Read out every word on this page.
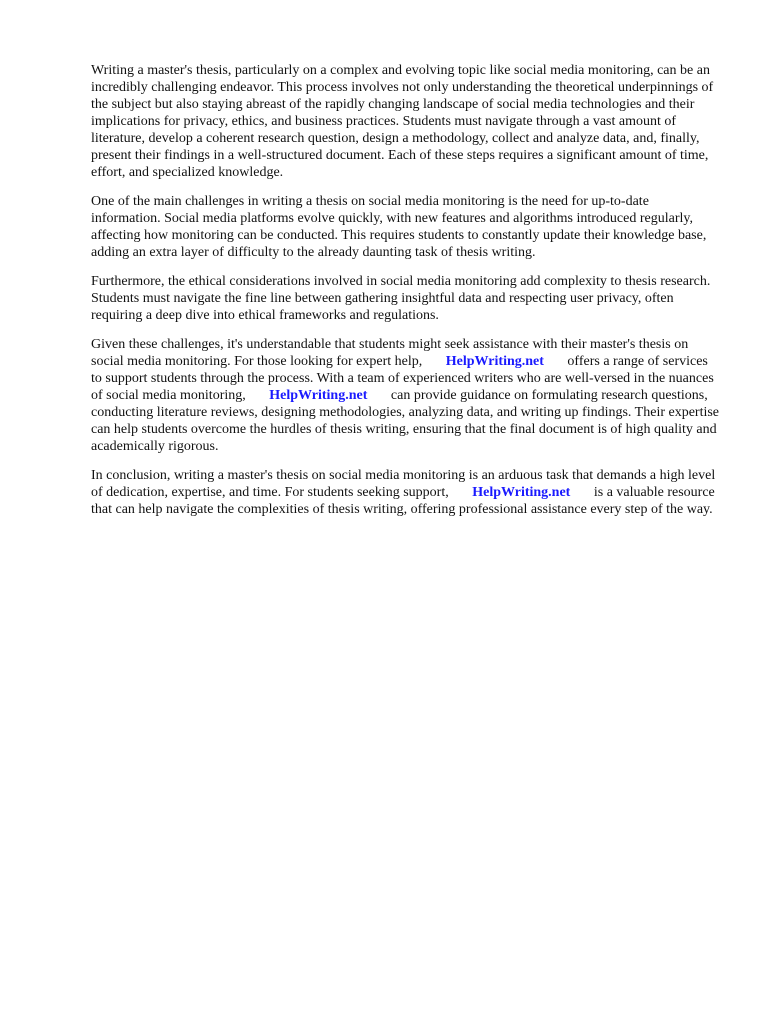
Writing a master's thesis, particularly on a complex and evolving topic like social media monitoring, can be an incredibly challenging endeavor. This process involves not only understanding the theoretical underpinnings of the subject but also staying abreast of the rapidly changing landscape of social media technologies and their implications for privacy, ethics, and business practices. Students must navigate through a vast amount of literature, develop a coherent research question, design a methodology, collect and analyze data, and, finally, present their findings in a well-structured document. Each of these steps requires a significant amount of time, effort, and specialized knowledge.

One of the main challenges in writing a thesis on social media monitoring is the need for up-to-date information. Social media platforms evolve quickly, with new features and algorithms introduced regularly, affecting how monitoring can be conducted. This requires students to constantly update their knowledge base, adding an extra layer of difficulty to the already daunting task of thesis writing.

Furthermore, the ethical considerations involved in social media monitoring add complexity to thesis research. Students must navigate the fine line between gathering insightful data and respecting user privacy, often requiring a deep dive into ethical frameworks and regulations.

Given these challenges, it's understandable that students might seek assistance with their master's thesis on social media monitoring. For those looking for expert help, HelpWriting.net offers a range of services to support students through the process. With a team of experienced writers who are well-versed in the nuances of social media monitoring, HelpWriting.net can provide guidance on formulating research questions, conducting literature reviews, designing methodologies, analyzing data, and writing up findings. Their expertise can help students overcome the hurdles of thesis writing, ensuring that the final document is of high quality and academically rigorous.

In conclusion, writing a master's thesis on social media monitoring is an arduous task that demands a high level of dedication, expertise, and time. For students seeking support, HelpWriting.net is a valuable resource that can help navigate the complexities of thesis writing, offering professional assistance every step of the way.
